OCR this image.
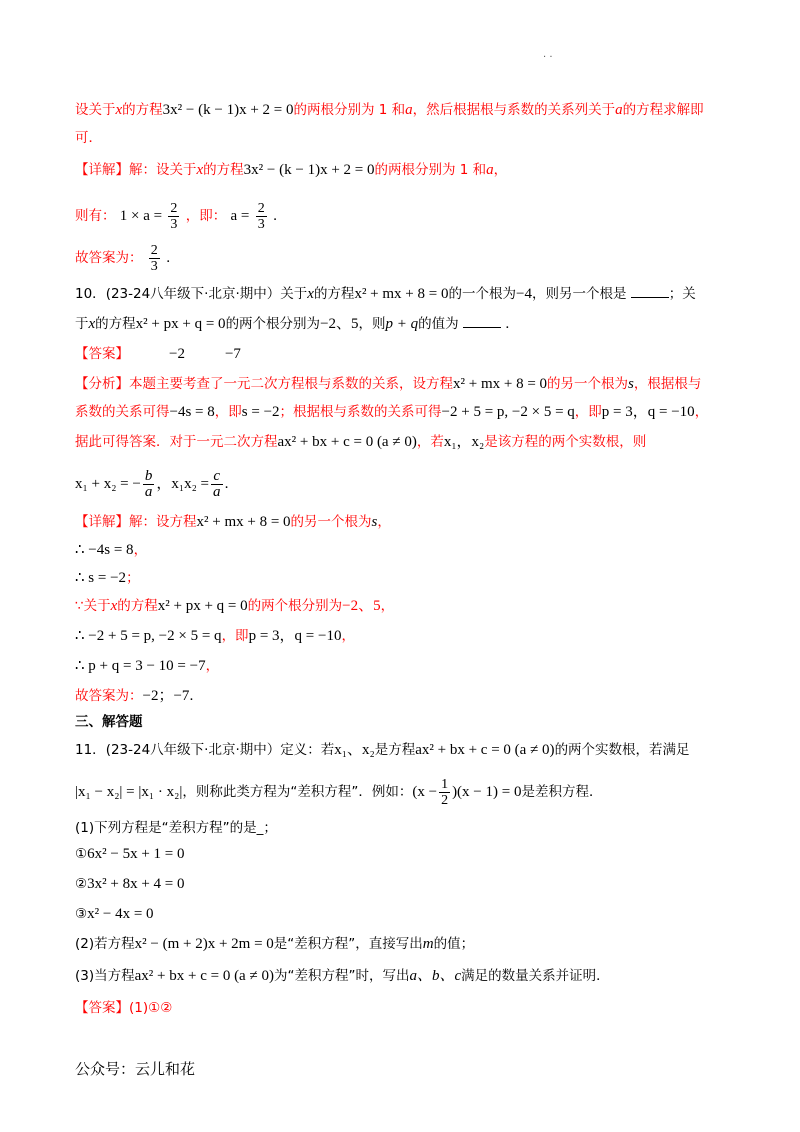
. .
设关于x的方程3x² − (k − 1)x + 2 = 0的两根分别为 1 和a，然后根据根与系数的关系列关于a的方程求解即
可．
【详解】解：设关于x的方程3x² − (k − 1)x + 2 = 0的两根分别为 1 和a，
则有： $1 \times a = \frac{2}{3}$ ，即： $a = \frac{2}{3}$ ．
故答案为： $\frac{2}{3}$ ．
10．(23-24八年级下·北京·期中）关于x的方程x² + mx + 8 = 0的一个根为−4，则另一个根是	；关
于x的方程x² + px + q = 0的两个根分别为−2、5，则p + q的值为	．
【答案】	−2	−7
【分析】本题主要考查了一元二次方程根与系数的关系，设方程x² + mx + 8 = 0的另一个根为s，根据根与
系数的关系可得−4s = 8，即s = −2；根据根与系数的关系可得−2 + 5 = p, −2 × 5 = q，即p = 3，q = −10，
据此可得答案．对于一元二次方程ax² + bx + c = 0 (a ≠ 0)，若x₁，x₂是该方程的两个实数根，则
x₁ + x₂ = − $\frac{b}{a}$ ，$x_1x_2 = \frac{c}{a}$ ．
【详解】解：设方程x² + mx + 8 = 0的另一个根为s，
∴ −4s = 8，
∴ s = −2；
∵关于x的方程x² + px + q = 0的两个根分别为−2、5，
∴ −2 + 5 = p, −2 × 5 = q，即p = 3，q = −10，
∴ p + q = 3 − 10 = −7，
故答案为：−2；−7．
三、解答题
11．(23-24八年级下·北京·期中）定义：若x₁、x₂是方程ax² + bx + c = 0 (a ≠ 0)的两个实数根，若满足
|x₁ − x₂| = |x₁ · x₂|，则称此类方程为“差积方程”．例如：$(x - \frac{1}{2} )(x - 1) = 0$是差积方程．
(1)下列方程是“差积方程”的是_；
①6x² − 5x + 1 = 0
②3x² + 8x + 4 = 0
③x² − 4x = 0
(2)若方程x² − (m + 2)x + 2m = 0是“差积方程”，直接写出m的值；
(3)当方程ax² + bx + c = 0 (a ≠ 0)为“差积方程”时，写出a、b、c满足的数量关系并证明．
【答案】(1)①②
公众号：云儿和花
